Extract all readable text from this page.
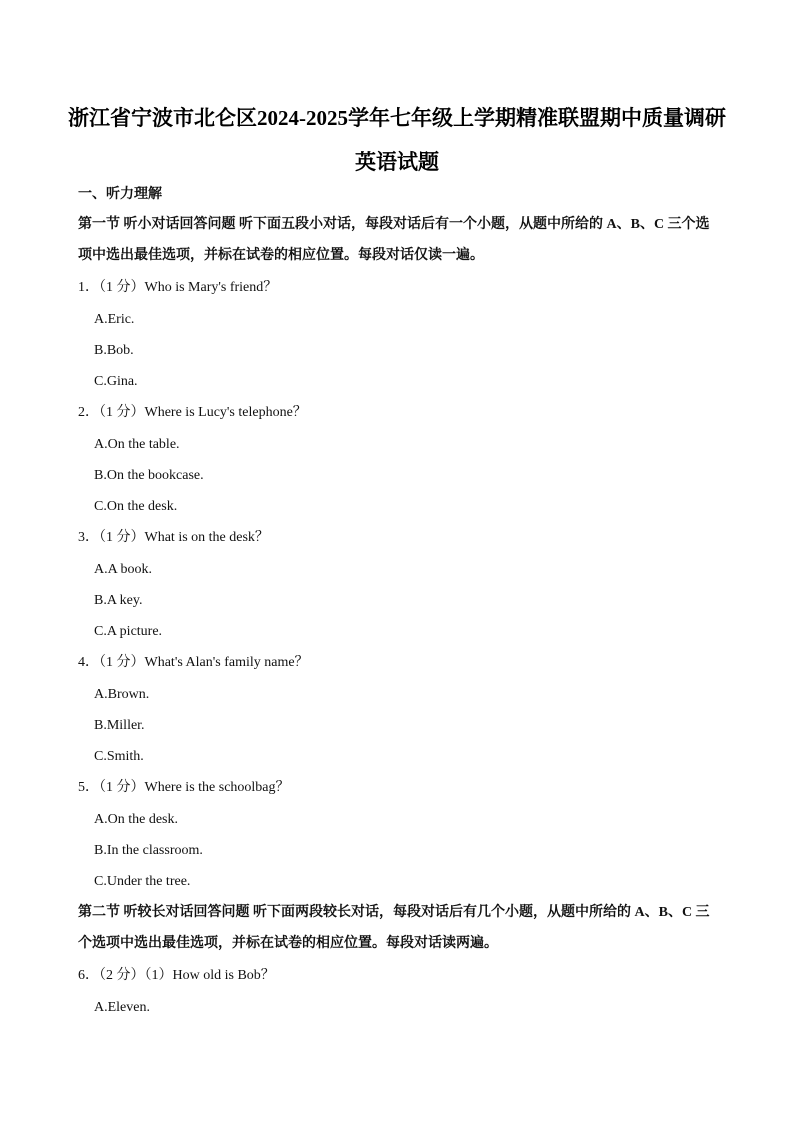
浙江省宁波市北仑区2024-2025学年七年级上学期精准联盟期中质量调研
英语试题
一、听力理解
第一节 听小对话回答问题 听下面五段小对话，每段对话后有一个小题，从题中所给的 A、B、C 三个选
项中选出最佳选项，并标在试卷的相应位置。每段对话仅读一遍。
1．（1 分）Who is Mary's friend？
A.Eric.
B.Bob.
C.Gina.
2．（1 分）Where is Lucy's telephone？
A.On the table.
B.On the bookcase.
C.On the desk.
3．（1 分）What is on the desk？
A.A book.
B.A key.
C.A picture.
4．（1 分）What's Alan's family name？
A.Brown.
B.Miller.
C.Smith.
5．（1 分）Where is the schoolbag？
A.On the desk.
B.In the classroom.
C.Under the tree.
第二节 听较长对话回答问题 听下面两段较长对话，每段对话后有几个小题，从题中所给的 A、B、C 三
个选项中选出最佳选项，并标在试卷的相应位置。每段对话读两遍。
6．（2 分）（1）How old is Bob？
A.Eleven.
